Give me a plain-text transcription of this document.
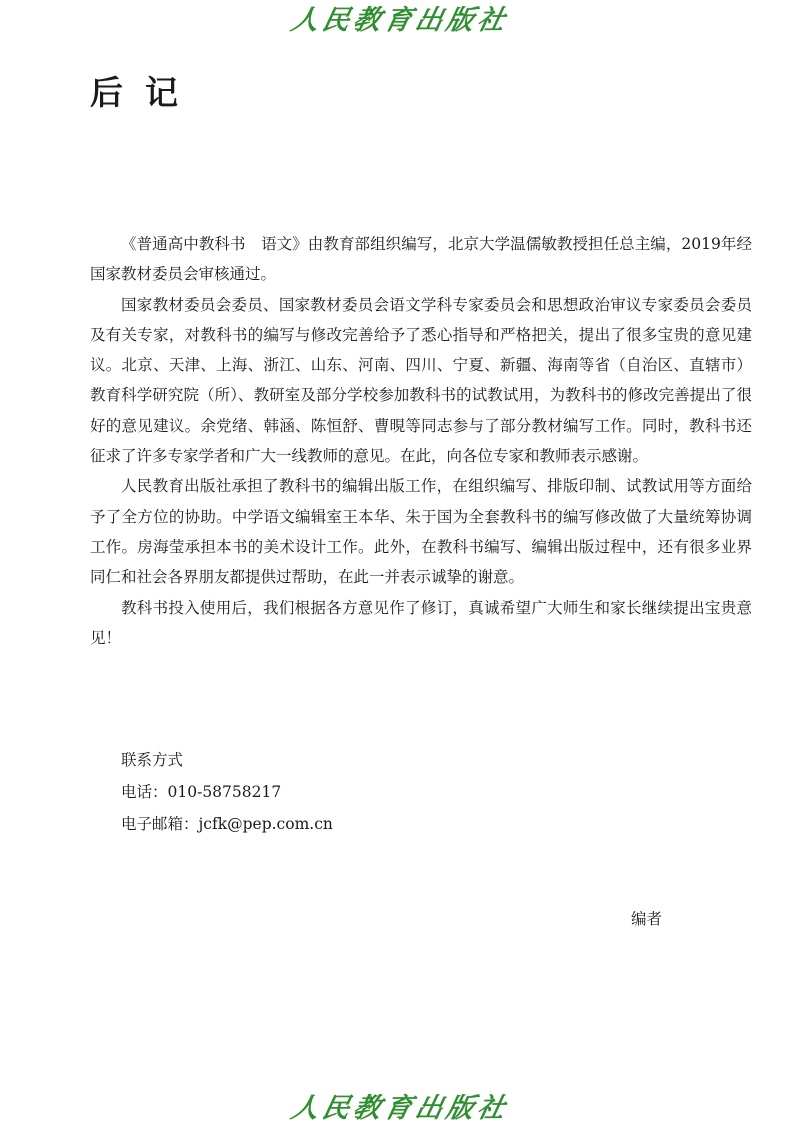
人民教育出版社
后记

《普通高中教科书　语文》由教育部组织编写，北京大学温儒敏教授担任总主编，2019年经国家教材委员会审核通过。

国家教材委员会委员、国家教材委员会语文学科专家委员会和思想政治审议专家委员会委员及有关专家，对教科书的编写与修改完善给予了悉心指导和严格把关，提出了很多宝贵的意见建议。北京、天津、上海、浙江、山东、河南、四川、宁夏、新疆、海南等省（自治区、直辖市）教育科学研究院（所）、教研室及部分学校参加教科书的试教试用，为教科书的修改完善提出了很好的意见建议。余党绪、韩涵、陈恒舒、曹晛等同志参与了部分教材编写工作。同时，教科书还征求了许多专家学者和广大一线教师的意见。在此，向各位专家和教师表示感谢。

人民教育出版社承担了教科书的编辑出版工作，在组织编写、排版印制、试教试用等方面给予了全方位的协助。中学语文编辑室王本华、朱于国为全套教科书的编写修改做了大量统筹协调工作。房海莹承担本书的美术设计工作。此外，在教科书编写、编辑出版过程中，还有很多业界同仁和社会各界朋友都提供过帮助，在此一并表示诚挚的谢意。

教科书投入使用后，我们根据各方意见作了修订，真诚希望广大师生和家长继续提出宝贵意见！

联系方式
电话：010-58758217
电子邮箱：jcfk@pep.com.cn
编者
人民教育出版社
